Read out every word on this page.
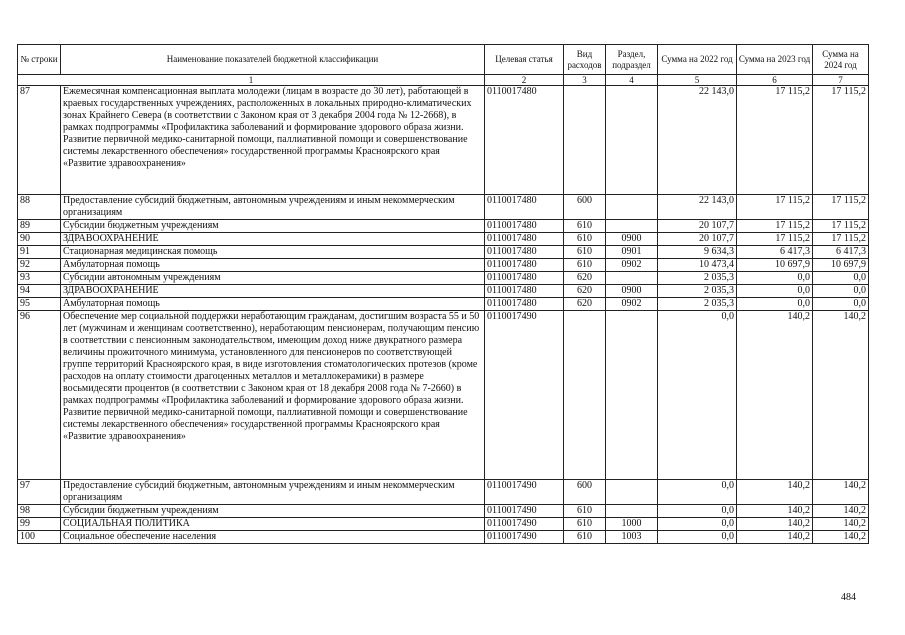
№ строки	Наименование показателей бюджетной классификации	Целевая статья	Вид расходов	Раздел, подраздел	Сумма на 2022 год	Сумма на 2023 год	Сумма на 2024 год
1		2	3	4	5	6	7
87	Ежемесячная компенсационная выплата молодежи (лицам в возрасте до 30 лет), работающей в краевых государственных учреждениях, расположенных в локальных природно-климатических зонах Крайнего Севера (в соответствии с Законом края от 3 декабря 2004 года № 12-2668), в рамках подпрограммы «Профилактика заболеваний и формирование здорового образа жизни. Развитие первичной медико-санитарной помощи, паллиативной помощи и совершенствование системы лекарственного обеспечения» государственной программы Красноярского края «Развитие здравоохранения»	0110017480			22 143,0	17 115,2	17 115,2
88	Предоставление субсидий бюджетным, автономным учреждениям и иным некоммерческим организациям	0110017480	600		22 143,0	17 115,2	17 115,2
89	Субсидии бюджетным учреждениям	0110017480	610		20 107,7	17 115,2	17 115,2
90	ЗДРАВООХРАНЕНИЕ	0110017480	610	0900	20 107,7	17 115,2	17 115,2
91	Стационарная медицинская помощь	0110017480	610	0901	9 634,3	6 417,3	6 417,3
92	Амбулаторная помощь	0110017480	610	0902	10 473,4	10 697,9	10 697,9
93	Субсидии автономным учреждениям	0110017480	620		2 035,3	0,0	0,0
94	ЗДРАВООХРАНЕНИЕ	0110017480	620	0900	2 035,3	0,0	0,0
95	Амбулаторная помощь	0110017480	620	0902	2 035,3	0,0	0,0
96	Обеспечение мер социальной поддержки неработающим гражданам, достигшим возраста 55 и 50 лет (мужчинам и женщинам соответственно), неработающим пенсионерам, получающим пенсию в соответствии с пенсионным законодательством, имеющим доход ниже двукратного размера величины прожиточного минимума, установленного для пенсионеров по соответствующей группе территорий Красноярского края, в виде изготовления стоматологических протезов (кроме расходов на оплату стоимости драгоценных металлов и металлокерамики) в размере восьмидесяти процентов (в соответствии с Законом края от 18 декабря 2008 года № 7-2660) в рамках подпрограммы «Профилактика заболеваний и формирование здорового образа жизни. Развитие первичной медико-санитарной помощи, паллиативной помощи и совершенствование системы лекарственного обеспечения» государственной программы Красноярского края «Развитие здравоохранения»	0110017490			0,0	140,2	140,2
97	Предоставление субсидий бюджетным, автономным учреждениям и иным некоммерческим организациям	0110017490	600		0,0	140,2	140,2
98	Субсидии бюджетным учреждениям	0110017490	610		0,0	140,2	140,2
99	СОЦИАЛЬНАЯ ПОЛИТИКА	0110017490	610	1000	0,0	140,2	140,2
100	Социальное обеспечение населения	0110017490	610	1003	0,0	140,2	140,2
484
